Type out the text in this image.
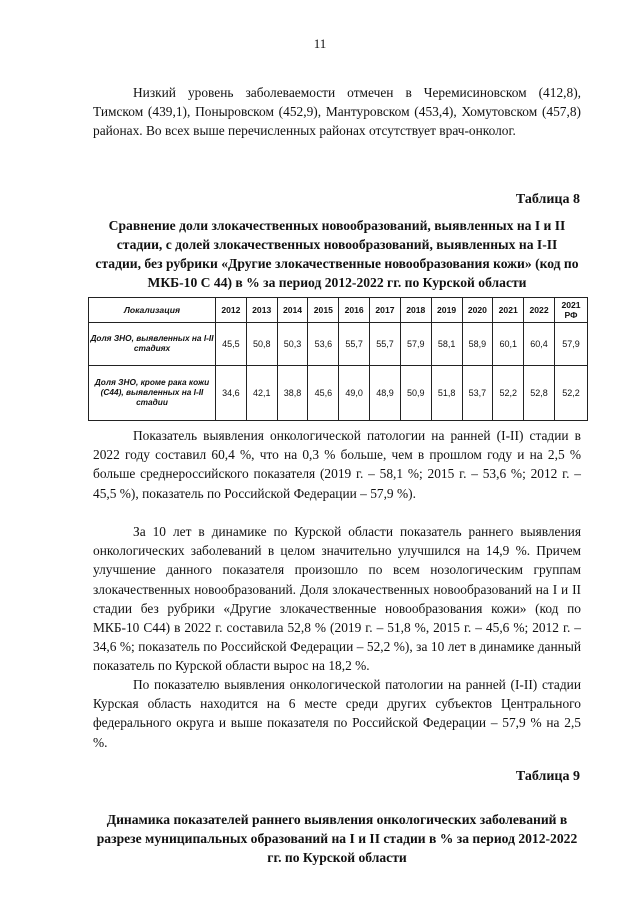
11

Низкий уровень заболеваемости отмечен в Черемисиновском (412,8), Тимском (439,1), Поныровском (452,9), Мантуровском (453,4), Хомутовском (457,8) районах. Во всех выше перечисленных районах отсутствует врач-онколог.

Таблица 8

Сравнение доли злокачественных новообразований, выявленных на I и II стадии, с долей злокачественных новообразований, выявленных на I-II стадии, без рубрики «Другие злокачественные новообразования кожи» (код по МКБ-10 С 44) в % за период 2012-2022 гг. по Курской области

Локализация	2012	2013	2014	2015	2016	2017	2018	2019	2020	2021	2022	2021 РФ
Доля ЗНО, выявленных на I-II стадиях	45,5	50,8	50,3	53,6	55,7	55,7	57,9	58,1	58,9	60,1	60,4	57,9
Доля ЗНО, кроме рака кожи (С44), выявленных на I-II стадии	34,6	42,1	38,8	45,6	49,0	48,9	50,9	51,8	53,7	52,2	52,8	52,2

Показатель выявления онкологической патологии на ранней (I-II) стадии в 2022 году составил 60,4 %, что на 0,3 % больше, чем в прошлом году и на 2,5 % больше среднероссийского показателя (2019 г. – 58,1 %; 2015 г. – 53,6 %; 2012 г. – 45,5 %), показатель по Российской Федерации – 57,9 %).

За 10 лет в динамике по Курской области показатель раннего выявления онкологических заболеваний в целом значительно улучшился на 14,9 %. Причем улучшение данного показателя произошло по всем нозологическим группам злокачественных новообразований. Доля злокачественных новообразований на I и II стадии без рубрики «Другие злокачественные новообразования кожи» (код по МКБ-10 С44) в 2022 г. составила 52,8 % (2019 г. – 51,8 %, 2015 г. – 45,6 %; 2012 г. – 34,6 %; показатель по Российской Федерации – 52,2 %), за 10 лет в динамике данный показатель по Курской области вырос на 18,2 %.

По показателю выявления онкологической патологии на ранней (I-II) стадии Курская область находится на 6 месте среди других субъектов Центрального федерального округа и выше показателя по Российской Федерации – 57,9 % на 2,5 %.

Таблица 9

Динамика показателей раннего выявления онкологических заболеваний в разрезе муниципальных образований на I и II стадии в % за период 2012-2022 гг. по Курской области
